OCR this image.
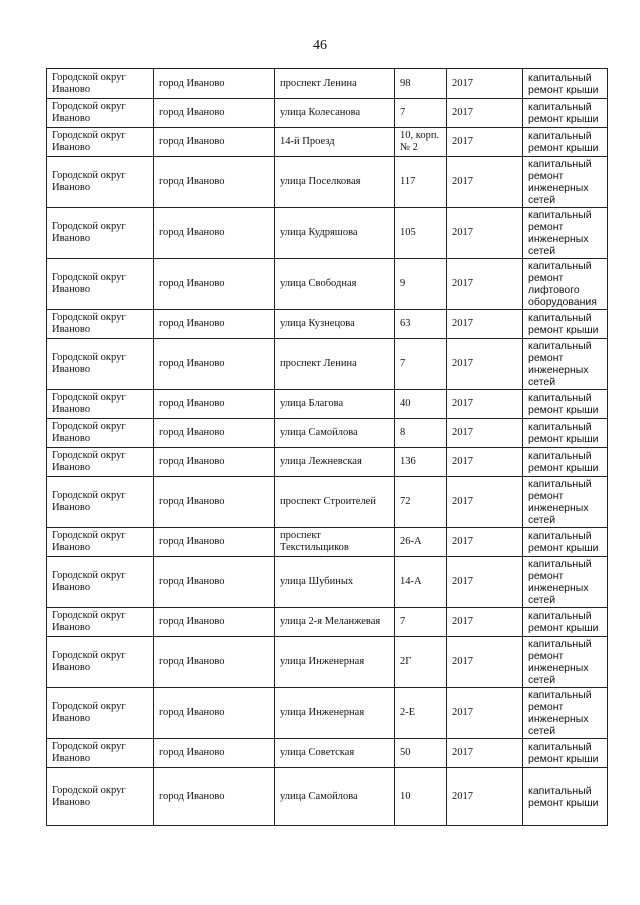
46
Городской округ Иваново	город Иваново	проспект Ленина	98	2017	капитальный ремонт крыши
Городской округ Иваново	город Иваново	улица Колесанова	7	2017	капитальный ремонт крыши
Городской округ Иваново	город Иваново	14-й Проезд	10, корп. № 2	2017	капитальный ремонт крыши
Городской округ Иваново	город Иваново	улица Поселковая	117	2017	капитальный ремонт инженерных сетей
Городской округ Иваново	город Иваново	улица Кудряшова	105	2017	капитальный ремонт инженерных сетей
Городской округ Иваново	город Иваново	улица Свободная	9	2017	капитальный ремонт лифтового оборудования
Городской округ Иваново	город Иваново	улица Кузнецова	63	2017	капитальный ремонт крыши
Городской округ Иваново	город Иваново	проспект Ленина	7	2017	капитальный ремонт инженерных сетей
Городской округ Иваново	город Иваново	улица Благова	40	2017	капитальный ремонт крыши
Городской округ Иваново	город Иваново	улица Самойлова	8	2017	капитальный ремонт крыши
Городской округ Иваново	город Иваново	улица Лежневская	136	2017	капитальный ремонт крыши
Городской округ Иваново	город Иваново	проспект Строителей	72	2017	капитальный ремонт инженерных сетей
Городской округ Иваново	город Иваново	проспект Текстильщиков	26-А	2017	капитальный ремонт крыши
Городской округ Иваново	город Иваново	улица Шубиных	14-А	2017	капитальный ремонт инженерных сетей
Городской округ Иваново	город Иваново	улица 2-я Меланжевая	7	2017	капитальный ремонт крыши
Городской округ Иваново	город Иваново	улица Инженерная	2Г	2017	капитальный ремонт инженерных сетей
Городской округ Иваново	город Иваново	улица Инженерная	2-Е	2017	капитальный ремонт инженерных сетей
Городской округ Иваново	город Иваново	улица Советская	50	2017	капитальный ремонт крыши
Городской округ Иваново	город Иваново	улица Самойлова	10	2017	капитальный ремонт крыши
